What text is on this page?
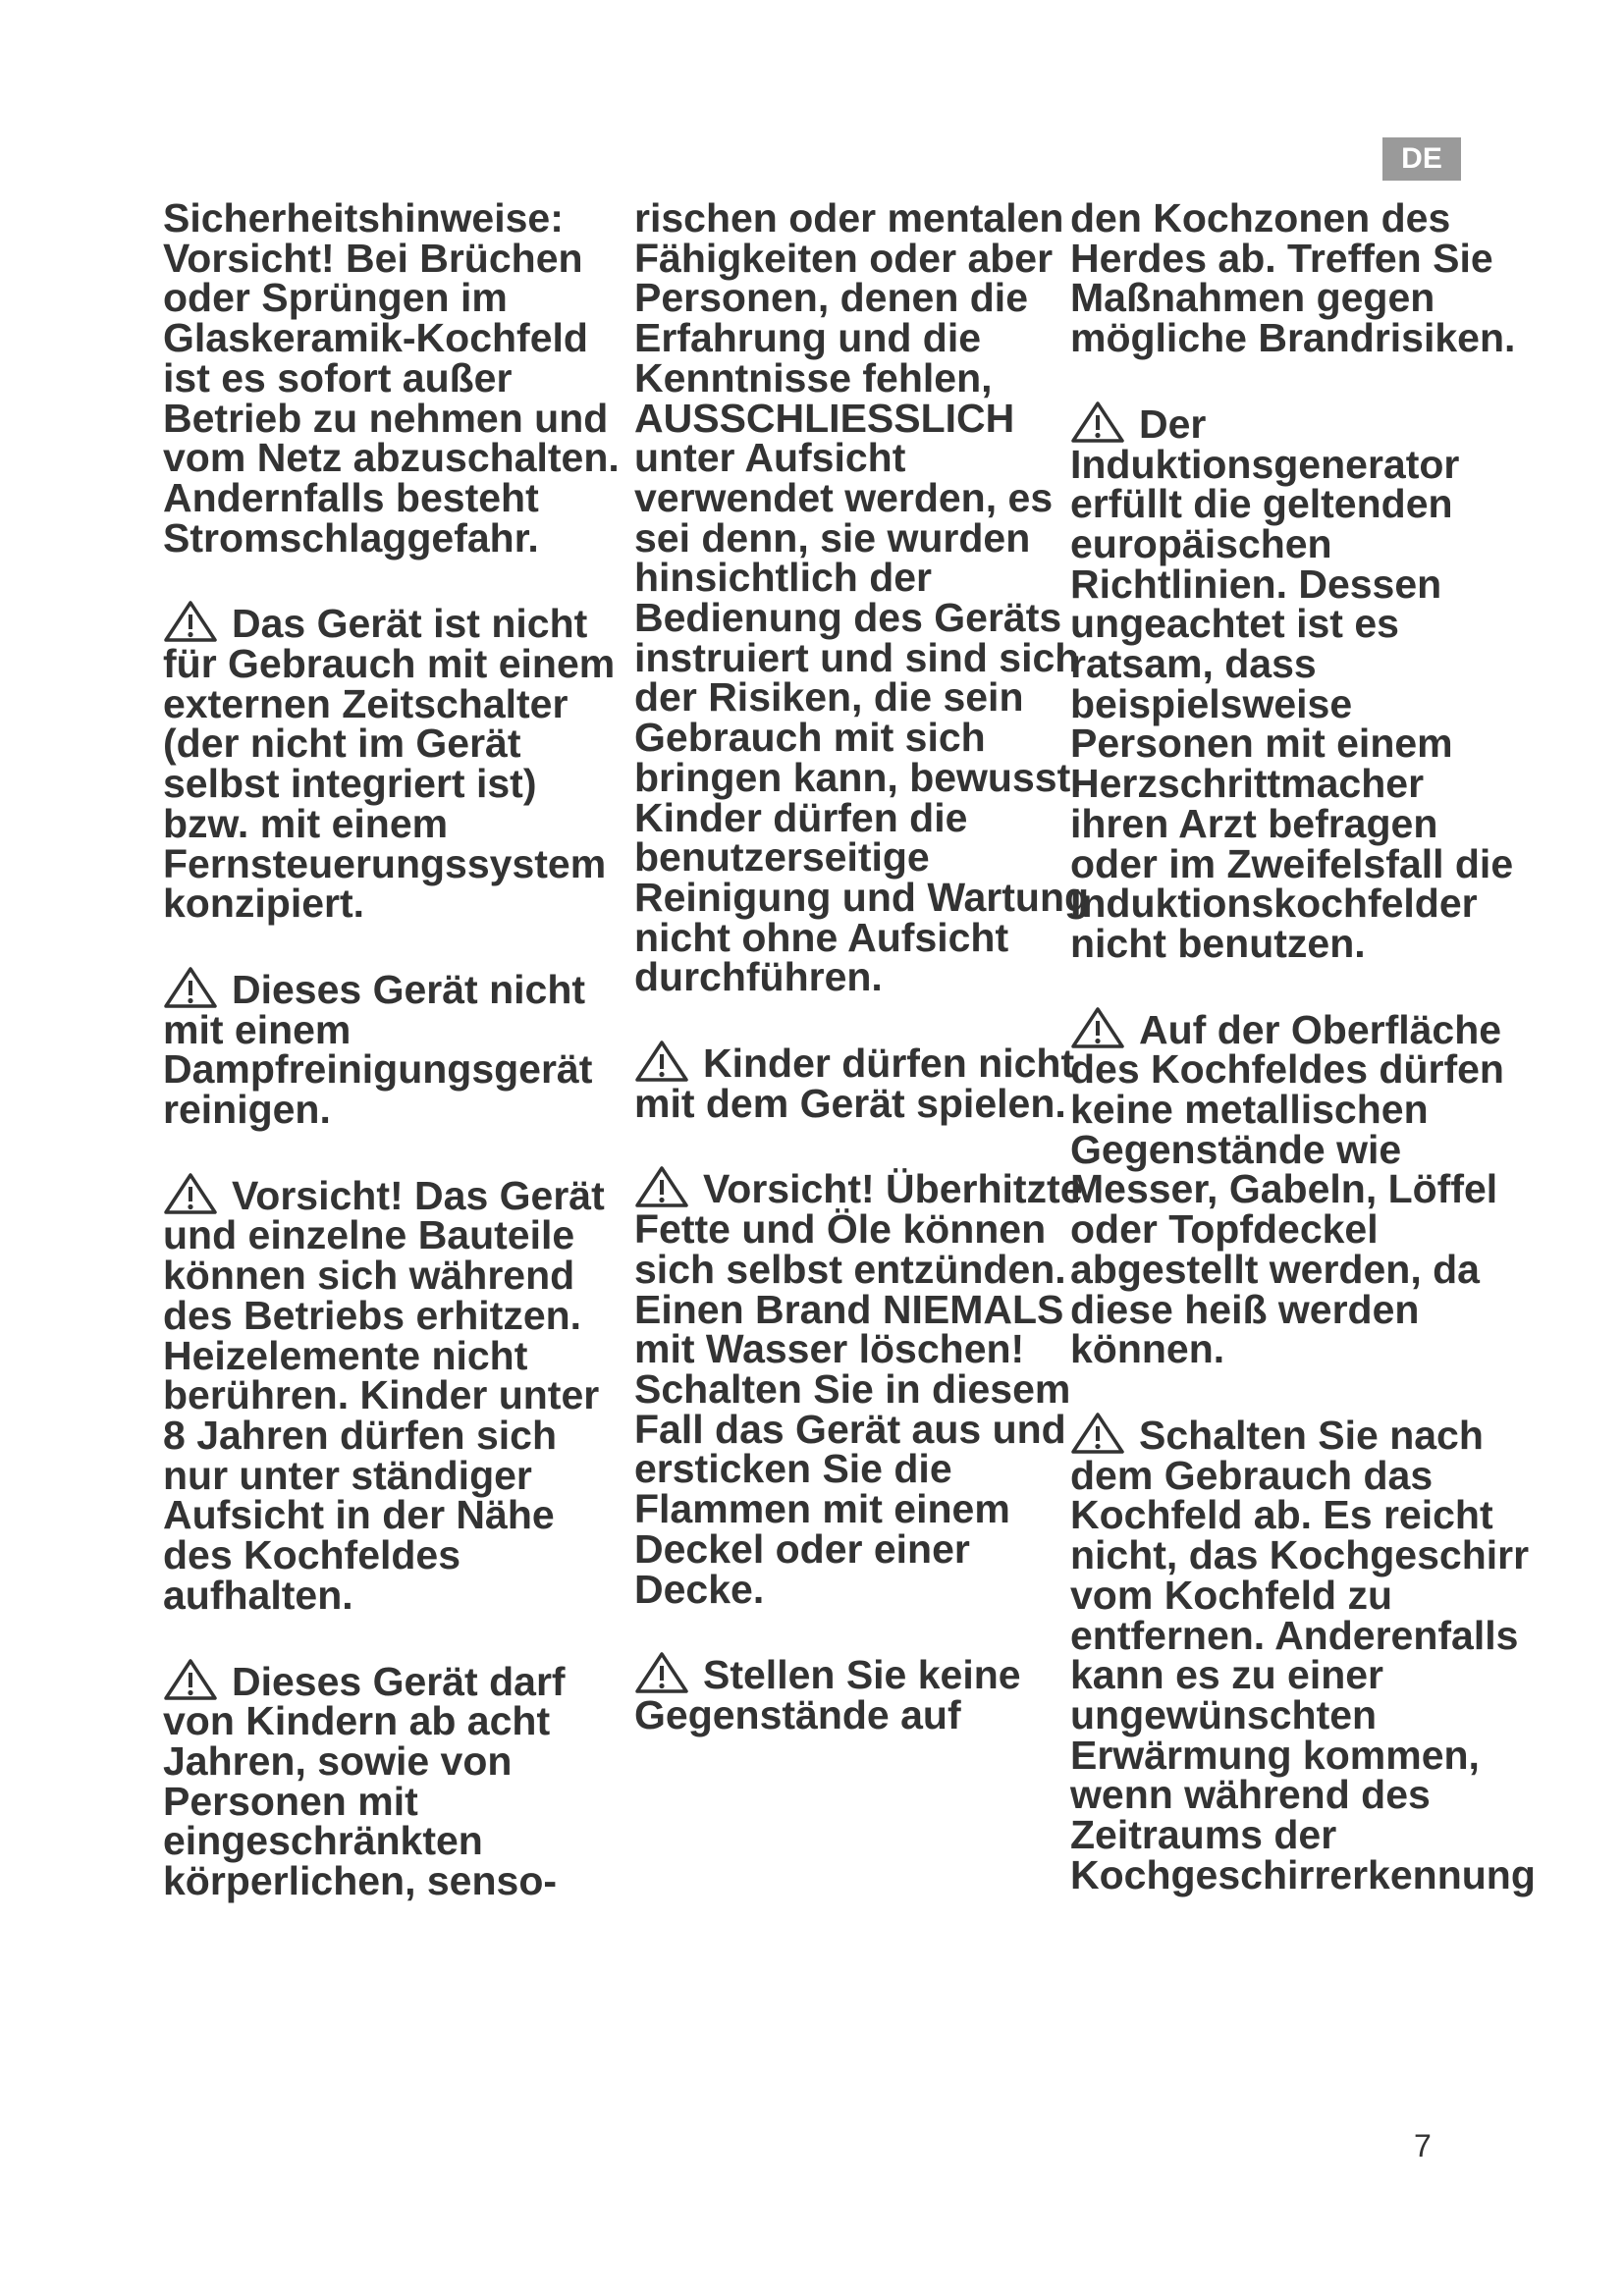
DE

Sicherheitshinweise: Vorsicht! Bei Brüchen oder Sprüngen im Glaskeramik-Kochfeld ist es sofort außer Betrieb zu nehmen und vom Netz abzuschalten. Andernfalls besteht Stromschlaggefahr.

Das Gerät ist nicht für Gebrauch mit einem externen Zeitschalter (der nicht im Gerät selbst integriert ist) bzw. mit einem Fernsteuerungssystem konzipiert.

Dieses Gerät nicht mit einem Dampfreinigungsgerät reinigen.

Vorsicht! Das Gerät und einzelne Bauteile können sich während des Betriebs erhitzen. Heizelemente nicht berühren. Kinder unter 8 Jahren dürfen sich nur unter ständiger Aufsicht in der Nähe des Kochfeldes aufhalten.

Dieses Gerät darf von Kindern ab acht Jahren, sowie von Personen mit eingeschränkten körperlichen, senso-

rischen oder mentalen Fähigkeiten oder aber Personen, denen die Erfahrung und die Kenntnisse fehlen, AUSSCHLIESSLICH unter Aufsicht verwendet werden, es sei denn, sie wurden hinsichtlich der Bedienung des Geräts instruiert und sind sich der Risiken, die sein Gebrauch mit sich bringen kann, bewusst. Kinder dürfen die benutzerseitige Reinigung und Wartung nicht ohne Aufsicht durchführen.

Kinder dürfen nicht mit dem Gerät spielen.

Vorsicht! Überhitzte Fette und Öle können sich selbst entzünden. Einen Brand NIEMALS mit Wasser löschen! Schalten Sie in diesem Fall das Gerät aus und ersticken Sie die Flammen mit einem Deckel oder einer Decke.

Stellen Sie keine Gegenstände auf

den Kochzonen des Herdes ab. Treffen Sie Maßnahmen gegen mögliche Brandrisiken.

Der Induktionsgenerator erfüllt die geltenden europäischen Richtlinien. Dessen ungeachtet ist es ratsam, dass beispielsweise Personen mit einem Herzschrittmacher ihren Arzt befragen oder im Zweifelsfall die Induktionskochfelder nicht benutzen.

Auf der Oberfläche des Kochfeldes dürfen keine metallischen Gegenstände wie Messer, Gabeln, Löffel oder Topfdeckel abgestellt werden, da diese heiß werden können.

Schalten Sie nach dem Gebrauch das Kochfeld ab. Es reicht nicht, das Kochgeschirr vom Kochfeld zu entfernen. Anderenfalls kann es zu einer ungewünschten Erwärmung kommen, wenn während des Zeitraums der Kochgeschirrerkennung

7
